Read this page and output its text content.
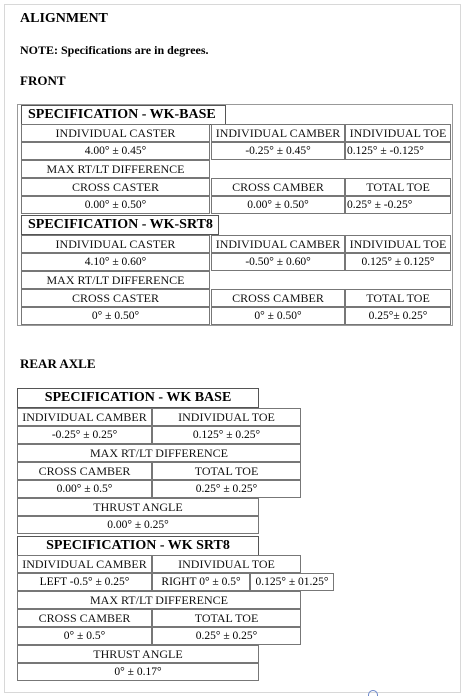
ALIGNMENT
NOTE: Specifications are in degrees.
FRONT
SPECIFICATION - WK-BASE
INDIVIDUAL CASTER	INDIVIDUAL CAMBER INDIVIDUAL TOE
4.00° ± 0.45°	-0.25° ± 0.45°	0.125° ± -0.125°
MAX RT/LT DIFFERENCE
CROSS CASTER	CROSS CAMBER	TOTAL TOE
0.00° ± 0.50°	0.00° ± 0.50°	0.25° ± -0.25°
SPECIFICATION - WK-SRT8
INDIVIDUAL CASTER	INDIVIDUAL CAMBER INDIVIDUAL TOE
4.10° ± 0.60°	-0.50° ± 0.60°	0.125° ± 0.125°
MAX RT/LT DIFFERENCE
CROSS CASTER	CROSS CAMBER	TOTAL TOE
0° ± 0.50°	0° ± 0.50°	0.25°± 0.25°
REAR AXLE
SPECIFICATION - WK BASE
INDIVIDUAL CAMBER	INDIVIDUAL TOE
-0.25° ± 0.25°	0.125° ± 0.25°
MAX RT/LT DIFFERENCE
CROSS CAMBER	TOTAL TOE
0.00° ± 0.5°	0.25° ± 0.25°
THRUST ANGLE
0.00° ± 0.25°
SPECIFICATION - WK SRT8
INDIVIDUAL CAMBER	INDIVIDUAL TOE
LEFT -0.5° ± 0.25°	RIGHT 0° ± 0.5°	0.125° ± 01.25°
MAX RT/LT DIFFERENCE
CROSS CAMBER	TOTAL TOE
0° ± 0.5°	0.25° ± 0.25°
THRUST ANGLE
0° ± 0.17°
